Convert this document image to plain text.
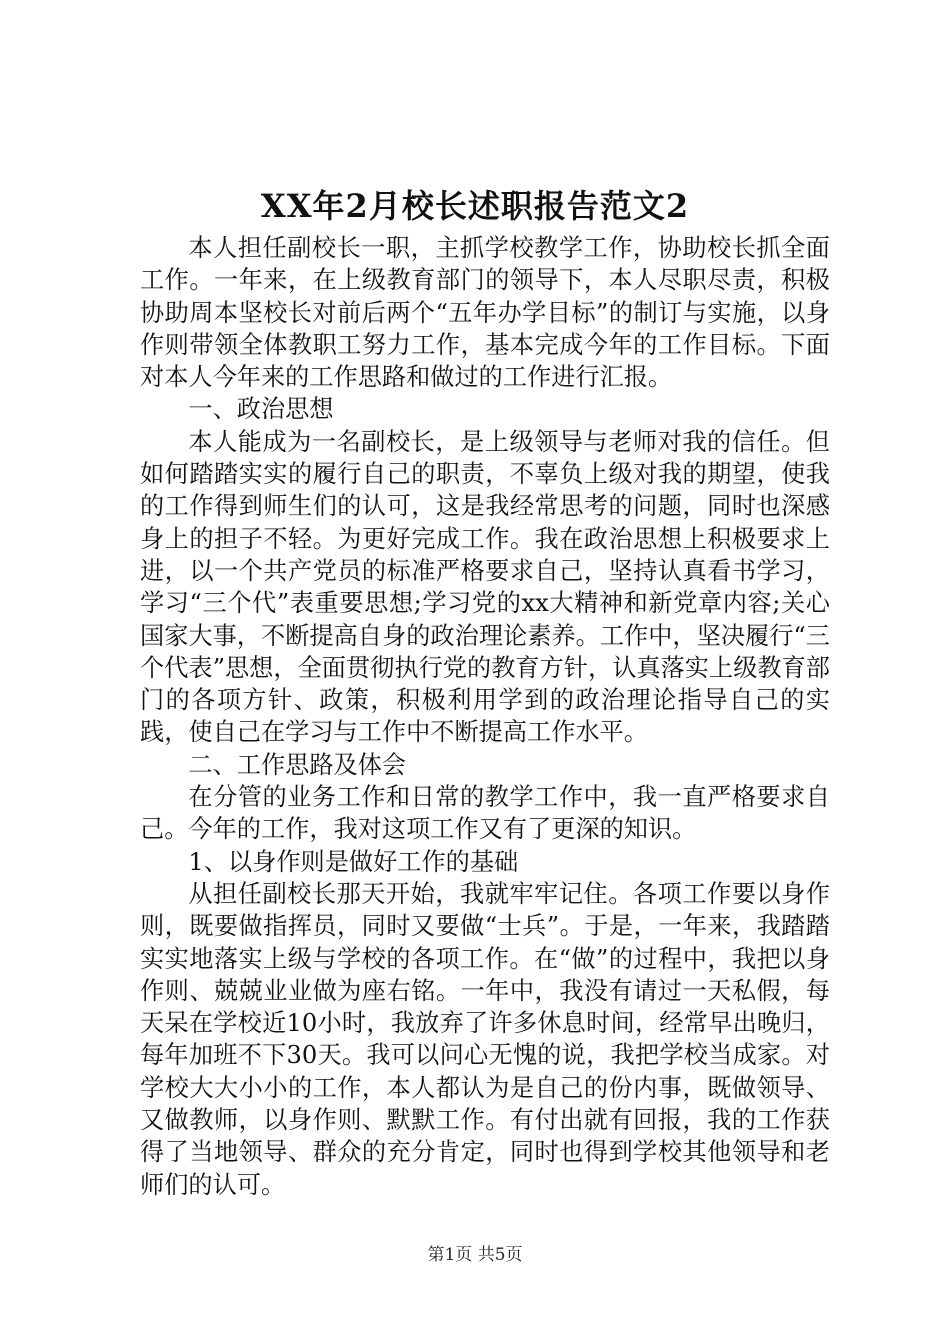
XX年2月校长述职报告范文2

本人担任副校长一职，主抓学校教学工作，协助校长抓全面工作。一年来，在上级教育部门的领导下，本人尽职尽责，积极协助周本坚校长对前后两个“五年办学目标”的制订与实施，以身作则带领全体教职工努力工作，基本完成今年的工作目标。下面对本人今年来的工作思路和做过的工作进行汇报。

一、政治思想

本人能成为一名副校长，是上级领导与老师对我的信任。但如何踏踏实实的履行自己的职责，不辜负上级对我的期望，使我的工作得到师生们的认可，这是我经常思考的问题，同时也深感身上的担子不轻。为更好完成工作。我在政治思想上积极要求上进，以一个共产党员的标准严格要求自己，坚持认真看书学习，学习“三个代”表重要思想;学习党的xx大精神和新党章内容;关心国家大事，不断提高自身的政治理论素养。工作中，坚决履行“三个代表”思想，全面贯彻执行党的教育方针，认真落实上级教育部门的各项方针、政策，积极利用学到的政治理论指导自己的实践，使自己在学习与工作中不断提高工作水平。

二、工作思路及体会

在分管的业务工作和日常的教学工作中，我一直严格要求自己。今年的工作，我对这项工作又有了更深的知识。

1、以身作则是做好工作的基础

从担任副校长那天开始，我就牢牢记住。各项工作要以身作则，既要做指挥员，同时又要做“士兵”。于是，一年来，我踏踏实实地落实上级与学校的各项工作。在“做”的过程中，我把以身作则、兢兢业业做为座右铭。一年中，我没有请过一天私假，每天呆在学校近10小时，我放弃了许多休息时间，经常早出晚归，每年加班不下30天。我可以问心无愧的说，我把学校当成家。对学校大大小小的工作，本人都认为是自己的份内事，既做领导、又做教师，以身作则、默默工作。有付出就有回报，我的工作获得了当地领导、群众的充分肯定，同时也得到学校其他领导和老师们的认可。

第1页 共5页
